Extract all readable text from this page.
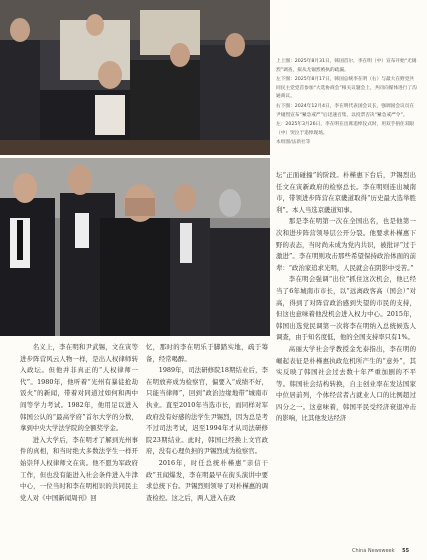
上上图：2025年8月31日，韩国首尔，李在明（中）宣布开始“尤锡烈”调查，拟从尤锡烈被执的疏漏。

左下图：2025年8月17日，韩国总统李在明（右）与最大在野党共同民主党党首参加“大选协商会”相关议题会上，共同向媒体进行了沟通商议。

右下图：2024年12月4日，李在明代表国会议长，强调国会议员在尹锡烈宣布“紧急戒严”后迅速召集，以投票否决“紧急戒严令”。

左：2025年3月26日，李在明在出席追悼仪式时，用双手捂住双眼（中）哭泣于追悼现场。

本组图/法新社等

名义上，李在明和尹武锡，文在寅等进步阵营风云人物一样，是出人权律师转入政坛。但他并非真正的“人权律师一代”。1980年，他听着“光州有暴徒抢劫饭火”的新闻，带着对同道过如何和两中间等学力考试。1982年，他用足以进入韩国公认的“最高学府”首尔大学的分数，拿到中央大学法学院的全额奖学金。

进入大学后，李在明才了解到光州事件的真相，和当时绝大多数法学生一样开始崇拜人权律师文在寅。他不愿为军政府工作，但也没有能进入社会条件进入牛津中心，一位当时和李在明相识的共同民主党人对《中国新闻周刊》回

忆，那时的李在明乐于脚踏实地，疏于筹备，经常喝醉。

1989年，司法研修院18期结业后，李在明放弃成为检察官，偏要入“成绩不好，只能当律师”，回到“政治边缘地带”城南市执业。直至2010年当选市长，而同样对军政府没有好感的法学生尹锡烈，因为总是考不过司法考试，迟至1994年才从司法研修院23期结业。此时，韩国已经换上文官政府，没有心理负担的尹锡烈成为检察官。

2016年，时任总统朴槿惠“亲信干政”丑闻爆发，李在明最早在街头演讲中要求总统下台。尹锡烈则领导了对朴槿惠的调查检控。这之后，两人进入在政

坛“正面碰撞”的阶段。朴槿惠下台后，尹锡烈出任文在寅新政府的检察总长。李在明则连出城南市，带领进步阵营在京畿道取得“历史最大选举胜利”。本人当选京畿道知事。

那是李在明第一次在全国出名，也是他第一次和进步阵营领导层公开分裂。他要求朴槿惠下野的表态，当时尚未成为党内共识，被批评“过于激进”。李在明则攻击那些希望保持政治体面的前辈：“政治家追求光明，人民就会在阴影中受苦。”

李在明会强调“出位”抓住这次机会，他已经当了6年城南市市长，以“远离政客高（国会）”对高，得到了对阵营政治感到失望的市民的支持，但这也意味着他没机会进入权力中心。2015年，韩国出选党民调第一次将李在明纳入总统候选人调查，由于知名度低，他的全国支持率只有1%。

高丽大学社会学教授金允泰指出，李在明的崛起表征是朴槿惠执政危机所产生的“意外”，其实反映了韩国社会过去数十年严重加剧的不平等。韩国社会结构转换，自主创业率在发达国家中位居前列，个体经营者占就业人口的比例超过四分之一。这意味着，韩国平民受经济衰退冲击的影响，比其他发达经济

China Newsweek 55
